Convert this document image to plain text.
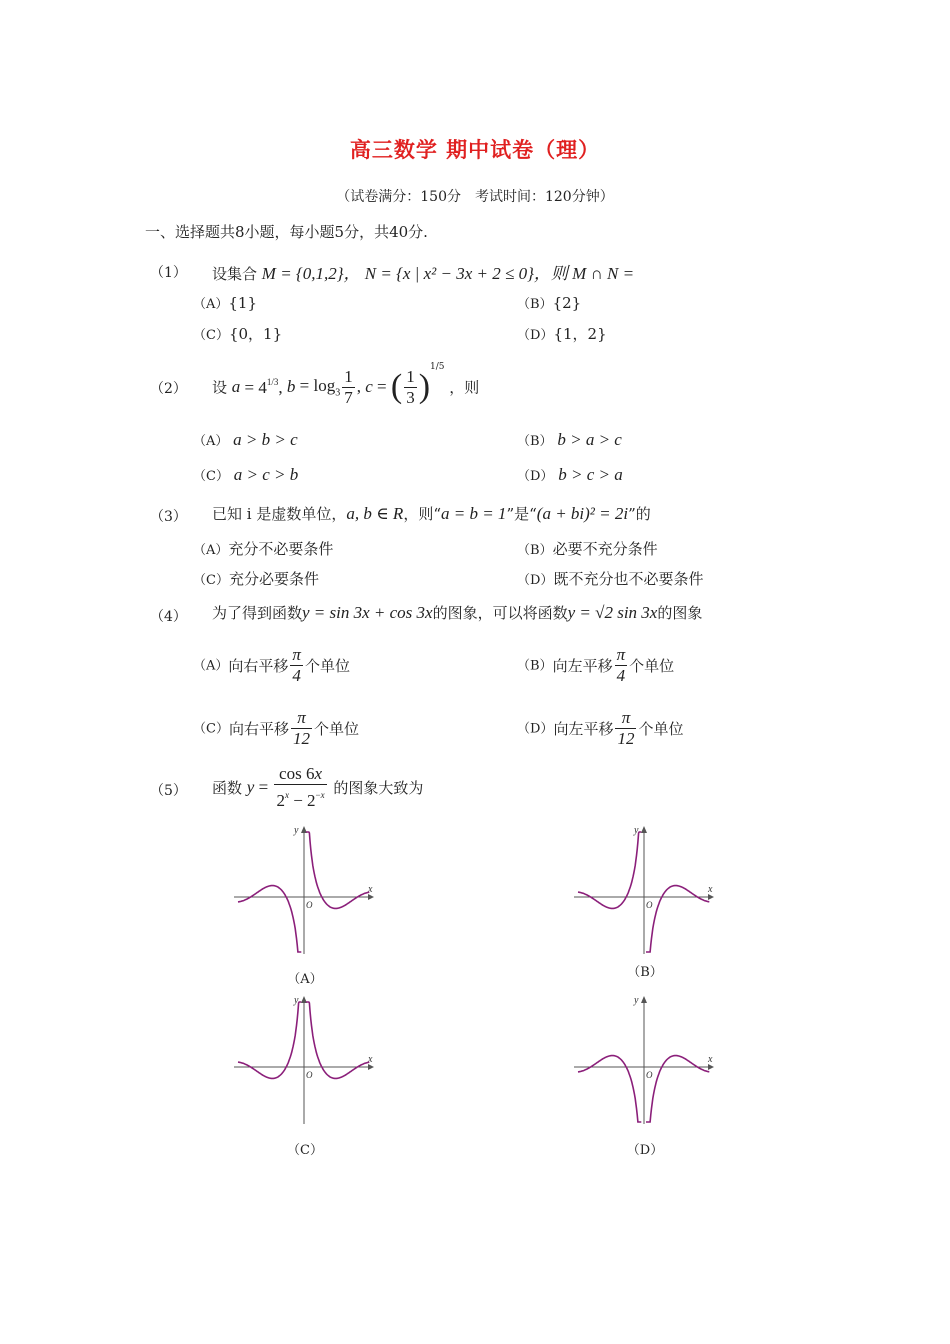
高三数学 期中试卷（理）
（试卷满分：150分　考试时间：120分钟）
一、选择题共8小题，每小题5分，共40分.
（1） 设集合 M = {0,1,2}， N = {x | x² − 3x + 2 ≤ 0}，则 M ∩ N =
（A）{1}	（B）{2}
（C）{0，1}	（D）{1，2}
（2） 设 $a = 4^{1/3}$, $b = \log_3 \frac{1}{7}$ , c = ( $\frac{1}{3} )^{1/5}$ ，则
（A） a > b > c	（B） b > a > c
（C） a > c > b	（D） b > c > a
（3） 已知 i 是虚数单位，a, b ∈ R，则“a = b = 1”是“(a + bi)² = 2i”的
（A）充分不必要条件	（B）必要不充分条件
（C）充分必要条件	（D）既不充分也不必要条件
（4） 为了得到函数y = sin 3x + cos 3x的图象，可以将函数y = √2 sin 3x的图象
（A）向右平移 $\frac{\pi}{4}$ 个单位	（B）向左平移 $\frac{\pi}{4}$ 个单位
（C）向右平移 $\frac{\pi}{12}$ 个单位	（D）向左平移 $\frac{\pi}{12}$ 个单位
（5） 函数 $y = \frac{\cos 6x}{2^x - 2^{-x}}$ 的图象大致为
x
y
O
（A）
x
y
O
（B）
x
y
O
（C）
x
y
O
（D）
